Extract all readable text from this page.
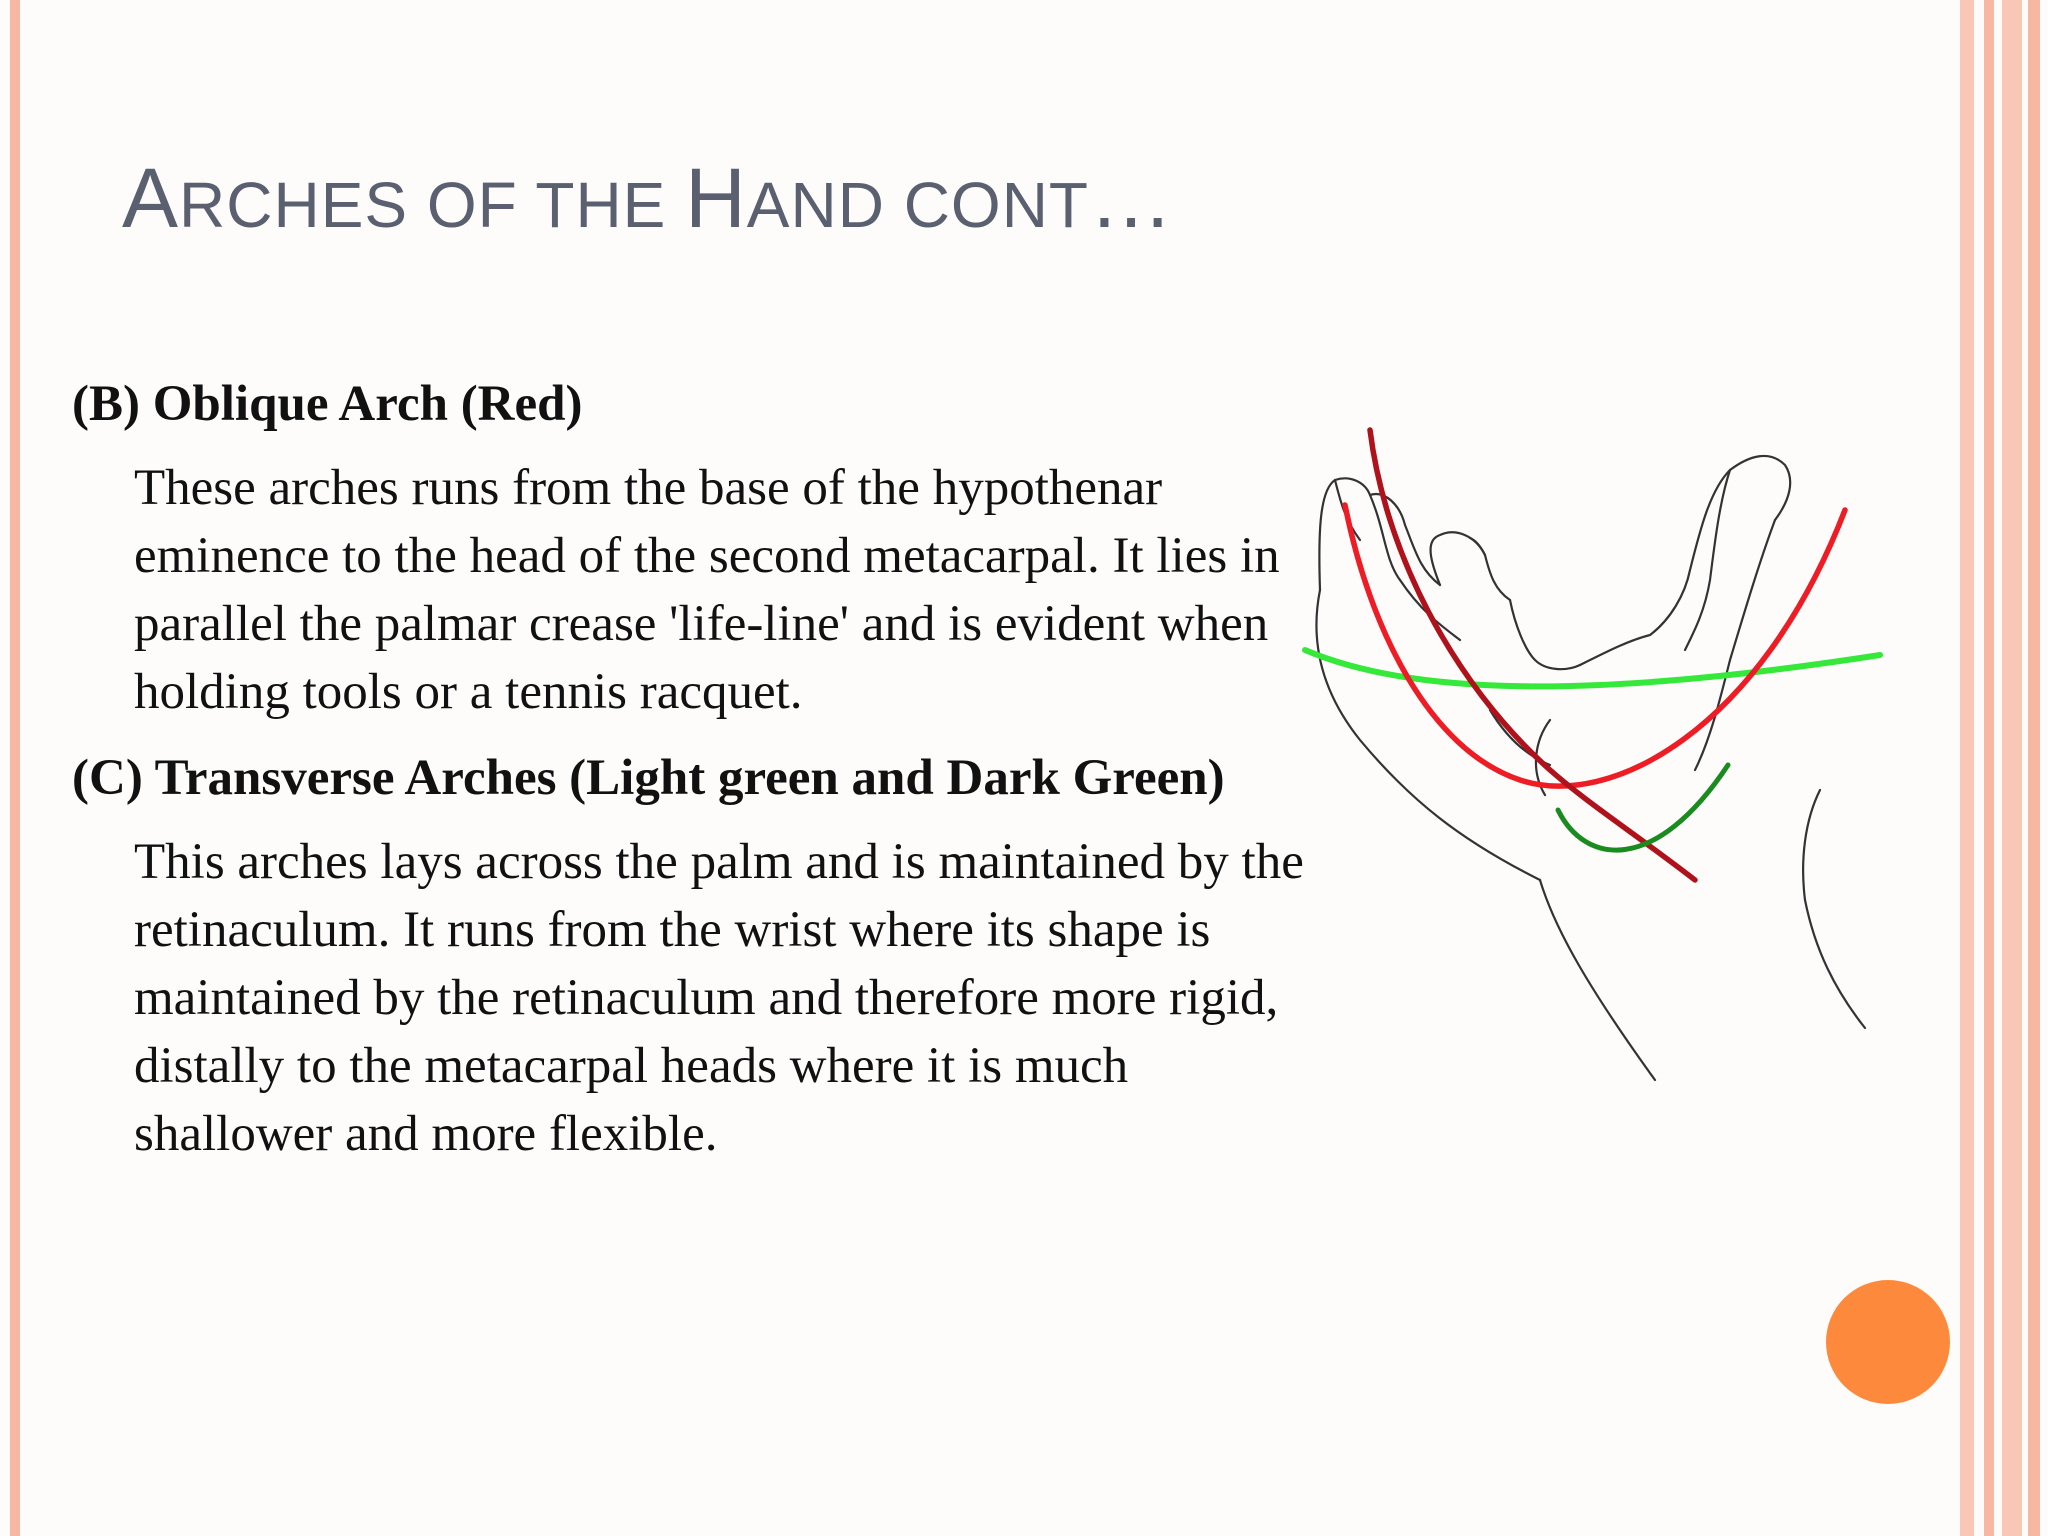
ARCHES OF THE HAND CONT…

(B) Oblique Arch (Red)

These arches runs from the base of the hypothenar eminence to the head of the second metacarpal. It lies in parallel the palmar crease 'life-line' and is evident when holding tools or a tennis racquet.

(C) Transverse Arches (Light green and Dark Green)

This arches lays across the palm and is maintained by the retinaculum. It runs from the wrist where its shape is maintained by the retinaculum and therefore more rigid, distally to the metacarpal heads where it is much shallower and more flexible.
